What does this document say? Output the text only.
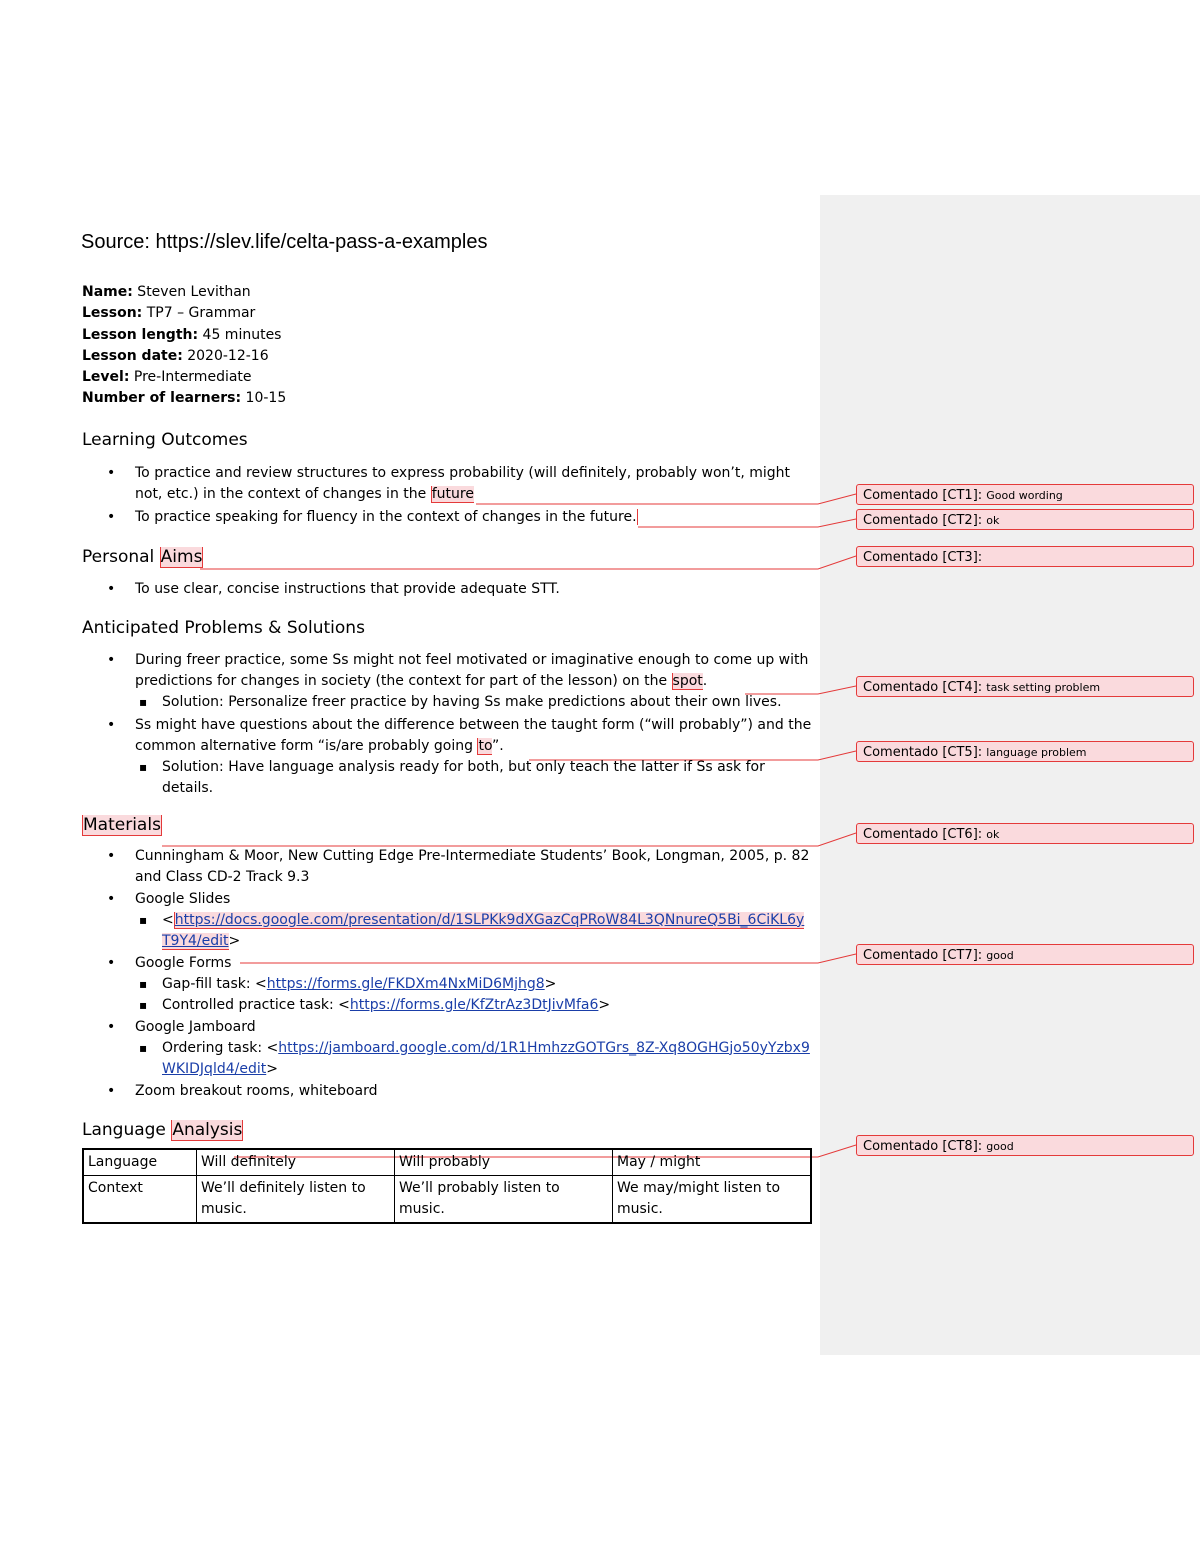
Source: https://slev.life/celta-pass-a-examples
Name: Steven Levithan
Lesson: TP7 – Grammar
Lesson length: 45 minutes
Lesson date: 2020-12-16
Level: Pre-Intermediate
Number of learners: 10-15
Learning Outcomes
• To practice and review structures to express probability (will definitely, probably won’t, might not, etc.) in the context of changes in the future
• To practice speaking for fluency in the context of changes in the future.
Personal Aims
• To use clear, concise instructions that provide adequate STT.
Anticipated Problems & Solutions
• During freer practice, some Ss might not feel motivated or imaginative enough to come up with predictions for changes in society (the context for part of the lesson) on the spot.
▪ Solution: Personalize freer practice by having Ss make predictions about their own lives.
• Ss might have questions about the difference between the taught form (“will probably”) and the common alternative form “is/are probably going to”.
▪ Solution: Have language analysis ready for both, but only teach the latter if Ss ask for details.
Materials
• Cunningham & Moor, New Cutting Edge Pre-Intermediate Students’ Book, Longman, 2005, p. 82 and Class CD-2 Track 9.3
• Google Slides
▪ <https://docs.google.com/presentation/d/1SLPKk9dXGazCqPRoW84L3QNnureQ5Bi_6CiKL6yT9Y4/edit>
• Google Forms
▪ Gap-fill task: <https://forms.gle/FKDXm4NxMiD6Mjhg8>
▪ Controlled practice task: <https://forms.gle/KfZtrAz3DtJivMfa6>
• Google Jamboard
▪ Ordering task: <https://jamboard.google.com/d/1R1HmhzzGOTGrs_8Z-Xq8OGHGjo50yYzbx9WKIDJqld4/edit>
• Zoom breakout rooms, whiteboard
Language Analysis
Language	Will definitely	Will probably	May / might
Context	We’ll definitely listen to music.	We’ll probably listen to music.	We may/might listen to music.
Comentado [CT1]: Good wording
Comentado [CT2]: ok
Comentado [CT3]:
Comentado [CT4]: task setting problem
Comentado [CT5]: language problem
Comentado [CT6]: ok
Comentado [CT7]: good
Comentado [CT8]: good
